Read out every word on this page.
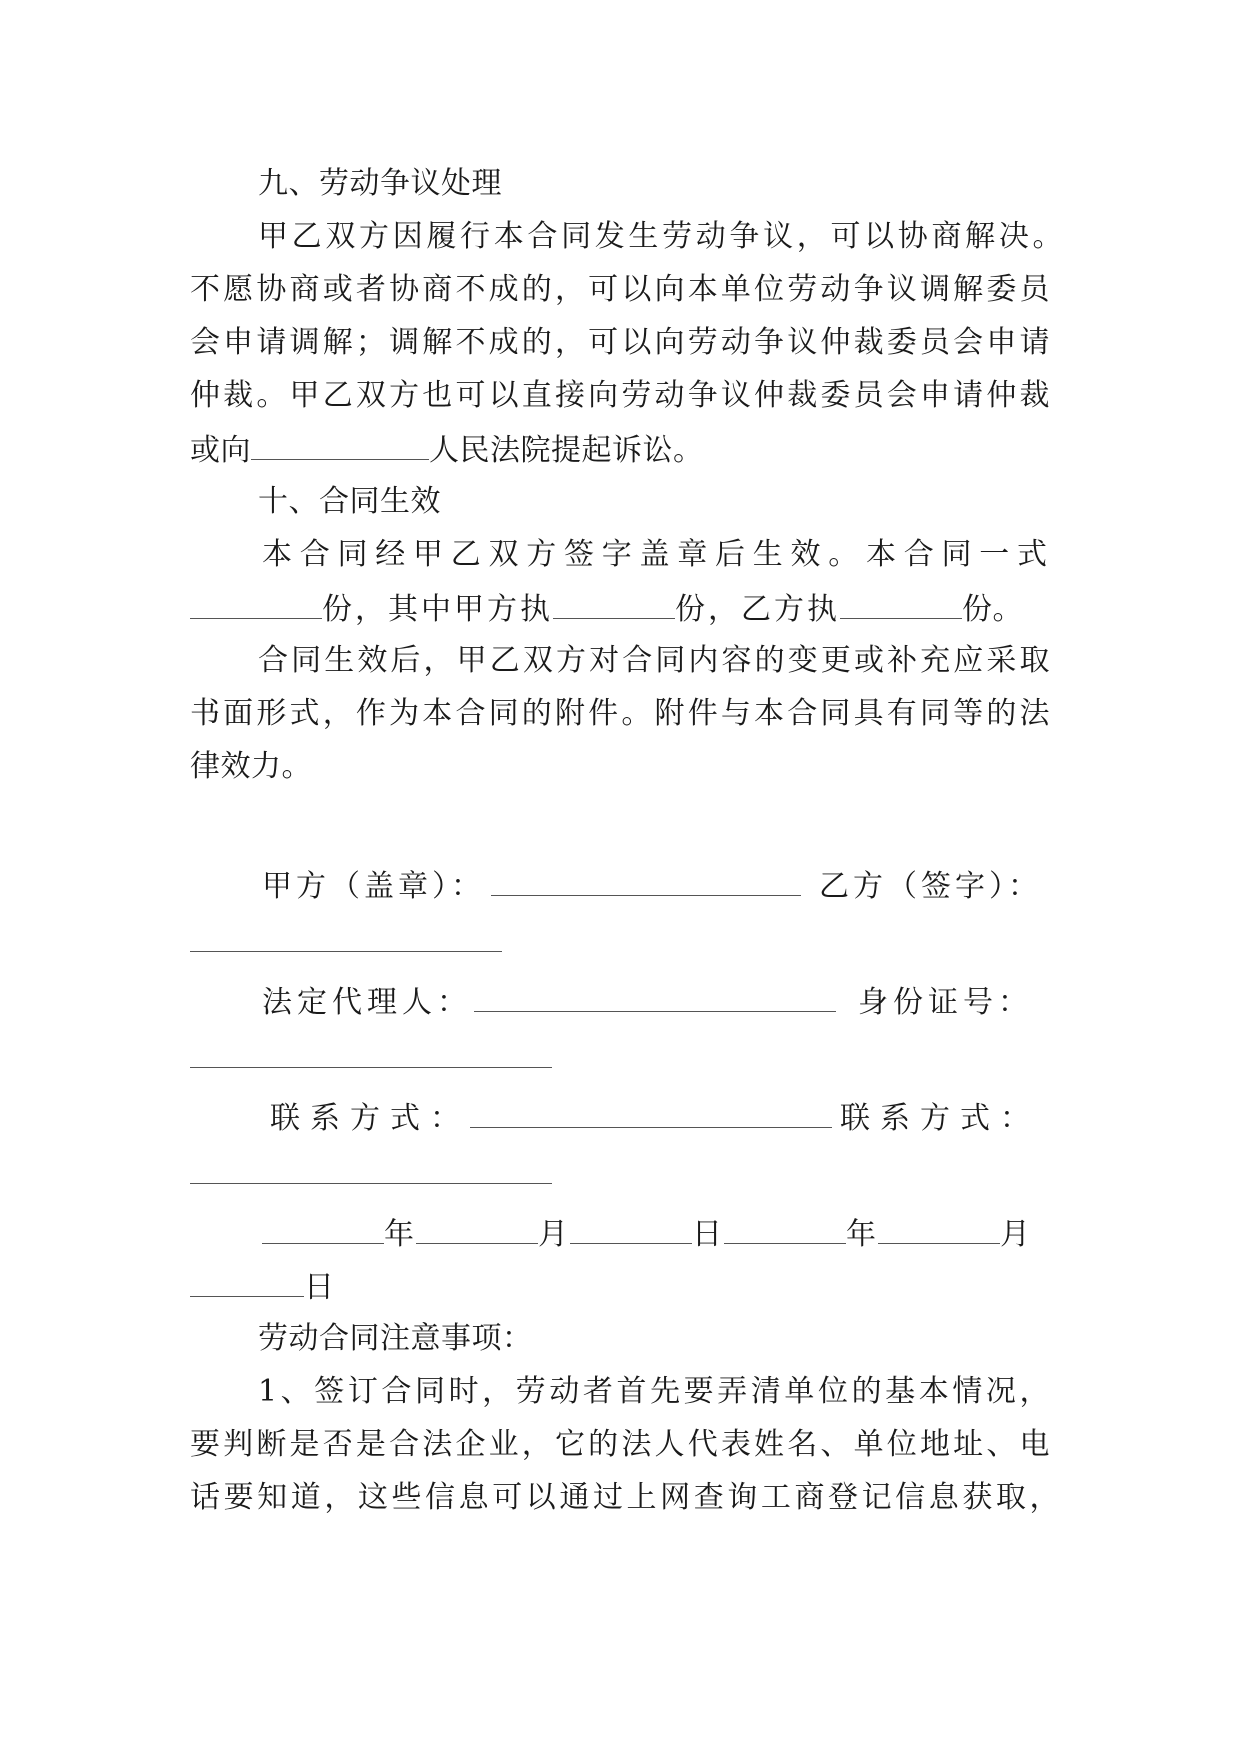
九、劳动争议处理
甲乙双方因履行本合同发生劳动争议，可以协商解决。
不愿协商或者协商不成的，可以向本单位劳动争议调解委员
会申请调解；调解不成的，可以向劳动争议仲裁委员会申请
仲裁。甲乙双方也可以直接向劳动争议仲裁委员会申请仲裁
或向	人民法院提起诉讼。
十、合同生效
本合同经甲乙双方签字盖章后生效。本合同一式
份，其中甲方执	份，乙方执	份。
合同生效后，甲乙双方对合同内容的变更或补充应采取
书面形式，作为本合同的附件。附件与本合同具有同等的法
律效力。
甲方（盖章）：	乙方（签字）：
法定代理人：	身份证号：
联系方式：	联系方式：
年	月	日	年	月
日
劳动合同注意事项：
1、签订合同时，劳动者首先要弄清单位的基本情况，
要判断是否是合法企业，它的法人代表姓名、单位地址、电
话要知道，这些信息可以通过上网查询工商登记信息获取，
